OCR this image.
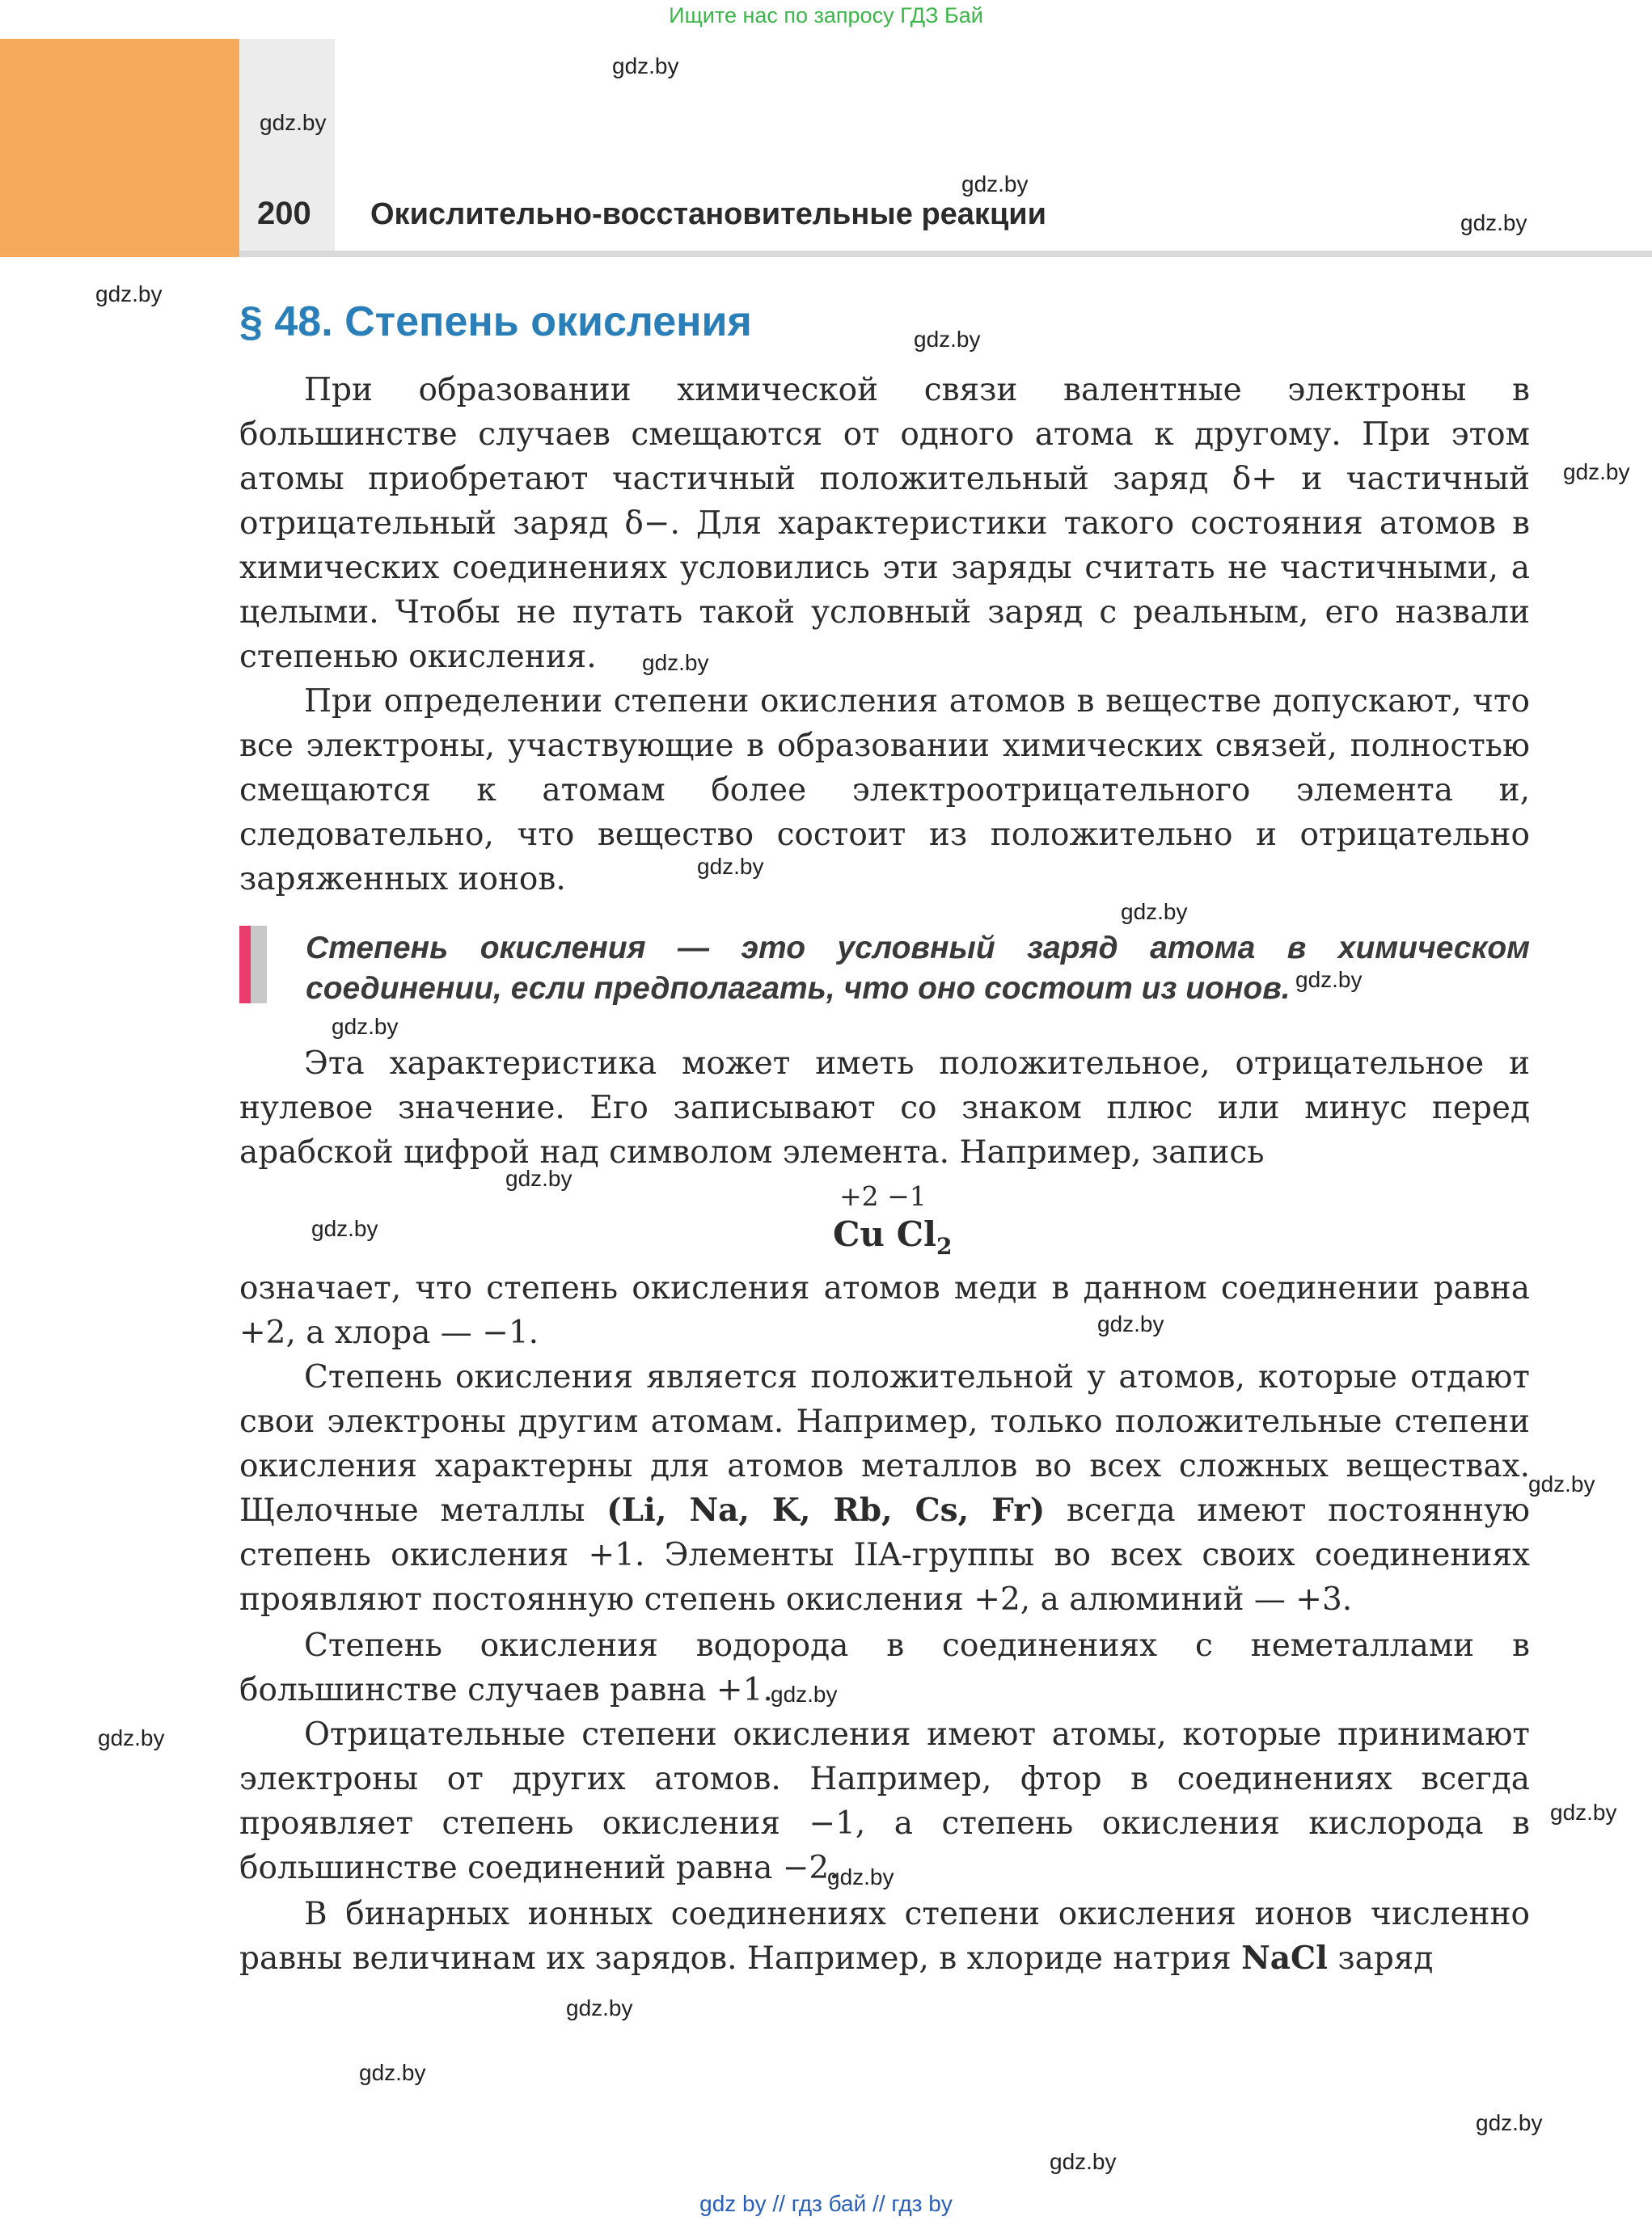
Ищите нас по запросу ГДЗ Бай
200 Окислительно-восстановительные реакции
§ 48. Степень окисления

При образовании химической связи валентные электроны в большинстве случаев смещаются от одного атома к другому. При этом атомы приобретают частичный положительный заряд δ+ и частичный отрицательный заряд δ−. Для характеристики такого состояния атомов в химических соединениях условились эти заряды считать не частичными, а целыми. Чтобы не путать такой условный заряд с реальным, его назвали степенью окисления.

При определении степени окисления атомов в веществе допускают, что все электроны, участвующие в образовании химических связей, полностью смещаются к атомам более электроотрицательного элемента и, следовательно, что вещество состоит из положительно и отрицательно заряженных ионов.

Степень окисления — это условный заряд атома в химическом соединении, если предполагать, что оно состоит из ионов.

Эта характеристика может иметь положительное, отрицательное и нулевое значение. Его записывают со знаком плюс или минус перед арабской цифрой над символом элемента. Например, запись

+2 −1
Cu $Cl_2$

означает, что степень окисления атомов меди в данном соединении равна +2, а хлора — −1.

Степень окисления является положительной у атомов, которые отдают свои электроны другим атомам. Например, только положительные степени окисления характерны для атомов металлов во всех сложных веществах. Щелочные металлы (Li, Na, K, Rb, Cs, Fr) всегда имеют постоянную степень окисления +1. Элементы IIA-группы во всех своих соединениях проявляют постоянную степень окисления +2, а алюминий — +3.

Степень окисления водорода в соединениях с неметаллами в большинстве случаев равна +1.

Отрицательные степени окисления имеют атомы, которые принимают электроны от других атомов. Например, фтор в соединениях всегда проявляет степень окисления −1, а степень окисления кислорода в большинстве соединений равна −2.

В бинарных ионных соединениях степени окисления ионов численно равны величинам их зарядов. Например, в хлориде натрия NaCl заряд

gdz.by
gdz.by
gdz.by
gdz.by
gdz.by
gdz.by
gdz.by
gdz.by
gdz.by
gdz.by
gdz.by
gdz.by
gdz.by
gdz.by
gdz.by
gdz.by
gdz.by
gdz.by
gdz.by
gdz.by
gdz.by
gdz.by
gdz.by
gdz.by
gdz by // гдз бай // гдз by
